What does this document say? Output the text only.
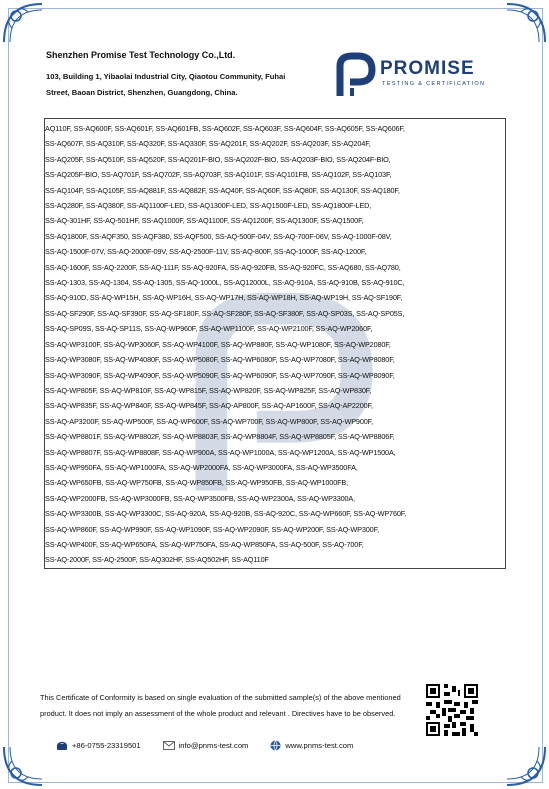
Shenzhen Promise Test Technology Co.,Ltd.
103, Building 1, Yibaolai Industrial City, Qiaotou Community, Fuhai
Street, Baoan District, Shenzhen, Guangdong, China.
PROMISE
TESTING & CERTIFICATION
AQ110F, SS-AQ600F, SS-AQ601F, SS-AQ601FB, SS-AQ602F, SS-AQ603F, SS-AQ604F, SS-AQ605F, SS-AQ606F,
SS-AQ607F, SS-AQ310F, SS-AQ320F, SS-AQ330F, SS-AQ201F, SS-AQ202F, SS-AQ203F, SS-AQ204F,
SS-AQ205F, SS-AQ510F, SS-AQ520F, SS-AQ201F-BIO, SS-AQ202F-BIO, SS-AQ203F-BIO, SS-AQ204F-BIO,
SS-AQ205F-BIO, SS-AQ701F, SS-AQ702F, SS-AQ703F, SS-AQ101F, SS-AQ101FB, SS-AQ102F, SS-AQ103F,
SS-AQ104F, SS-AQ105F, SS-AQ881F, SS-AQ882F, SS-AQ40F, SS-AQ60F, SS-AQ80F, SS-AQ130F, SS-AQ180F,
SS-AQ280F, SS-AQ380F, SS-AQ1100F-LED, SS-AQ1300F-LED, SS-AQ1500F-LED, SS-AQ1800F-LED,
SS-AQ-301HF, SS-AQ-501HF, SS-AQ1000F, SS-AQ1100F, SS-AQ1200F, SS-AQ1300F, SS-AQ1500F,
SS-AQ1800F, SS-AQF350, SS-AQF380, SS-AQF500, SS-AQ-500F-04V, SS-AQ-700F-06V, SS-AQ-1000F-08V,
SS-AQ-1500F-07V, SS-AQ-2000F-09V, SS-AQ-2500F-11V, SS-AQ-800F, SS-AQ-1000F, SS-AQ-1200F,
SS-AQ-1600F, SS-AQ-2200F, SS-AQ-111F, SS-AQ-920FA, SS-AQ-920FB, SS-AQ-920FC, SS-AQ680, SS-AQ780,
SS-AQ-1303, SS-AQ-1304, SS-AQ-1305, SS-AQ-1000L, SS-AQ12000L, SS-AQ-910A, SS-AQ-910B, SS-AQ-910C,
SS-AQ-910D, SS-AQ-WP15H, SS-AQ-WP16H, SS-AQ-WP17H, SS-AQ-WP18H, SS-AQ-WP19H, SS-AQ-SF190F,
SS-AQ-SF290F, SS-AQ-SF390F, SS-AQ-SF180F, SS-AQ-SF280F, SS-AQ-SF380F, SS-AQ-SP03S, SS-AQ-SP05S,
SS-AQ-SP09S, SS-AQ-SP11S, SS-AQ-WP960F, SS-AQ-WP1100F, SS-AQ-WP2100F, SS-AQ-WP2060F,
SS-AQ-WP3100F, SS-AQ-WP3060F, SS-AQ-WP4100F, SS-AQ-WP880F, SS-AQ-WP1080F, SS-AQ-WP2080F,
SS-AQ-WP3080F, SS-AQ-WP4080F, SS-AQ-WP5080F, SS-AQ-WP6080F, SS-AQ-WP7080F, SS-AQ-WP8080F,
SS-AQ-WP3090F, SS-AQ-WP4090F, SS-AQ-WP5090F, SS-AQ-WP6090F, SS-AQ-WP7090F, SS-AQ-WP8090F,
SS-AQ-WP805F, SS-AQ-WP810F, SS-AQ-WP815F, SS-AQ-WP820F, SS-AQ-WP825F, SS-AQ-WP830F,
SS-AQ-WP835F, SS-AQ-WP840F, SS-AQ-WP845F, SS-AQ-AP800F, SS-AQ-AP1600F, SS-AQ-AP2200F,
SS-AQ-AP3200F, SS-AQ-WP500F, SS-AQ-WP600F, SS-AQ-WP700F, SS-AQ-WP800F, SS-AQ-WP900F,
SS-AQ-WP8801F, SS-AQ-WP8802F, SS-AQ-WP8803F, SS-AQ-WP8804F, SS-AQ-WP8805F, SS-AQ-WP8806F,
SS-AQ-WP8807F, SS-AQ-WP8808F, SS-AQ-WP900A, SS-AQ-WP1000A, SS-AQ-WP1200A, SS-AQ-WP1500A,
SS-AQ-WP950FA, SS-AQ-WP1000FA, SS-AQ-WP2000FA, SS-AQ-WP3000FA, SS-AQ-WP3500FA,
SS-AQ-WP650FB, SS-AQ-WP750FB, SS-AQ-WP850FB, SS-AQ-WP950FB, SS-AQ-WP1000FB,
SS-AQ-WP2000FB, SS-AQ-WP3000FB, SS-AQ-WP3500FB, SS-AQ-WP2300A, SS-AQ-WP3300A,
SS-AQ-WP3300B, SS-AQ-WP3300C, SS-AQ-920A, SS-AQ-920B, SS-AQ-920C, SS-AQ-WP660F, SS-AQ-WP760F,
SS-AQ-WP860F, SS-AQ-WP990F, SS-AQ-WP1090F, SS-AQ-WP2090F, SS-AQ-WP200F, SS-AQ-WP300F,
SS-AQ-WP400F, SS-AQ-WP650FA, SS-AQ-WP750FA, SS-AQ-WP850FA, SS-AQ-500F, SS-AQ-700F,
SS-AQ-2000F, SS-AQ-2500F, SS-AQ302HF, SS-AQ502HF, SS-AQ110F
This Certificate of Conformity is based on single evaluation of the submitted sample(s) of the above mentioned product. It does not imply an assessment of the whole product and relevant . Directives have to be observed.
+86-0755-23319501	info@pnms-test.com	www.pnms-test.com
